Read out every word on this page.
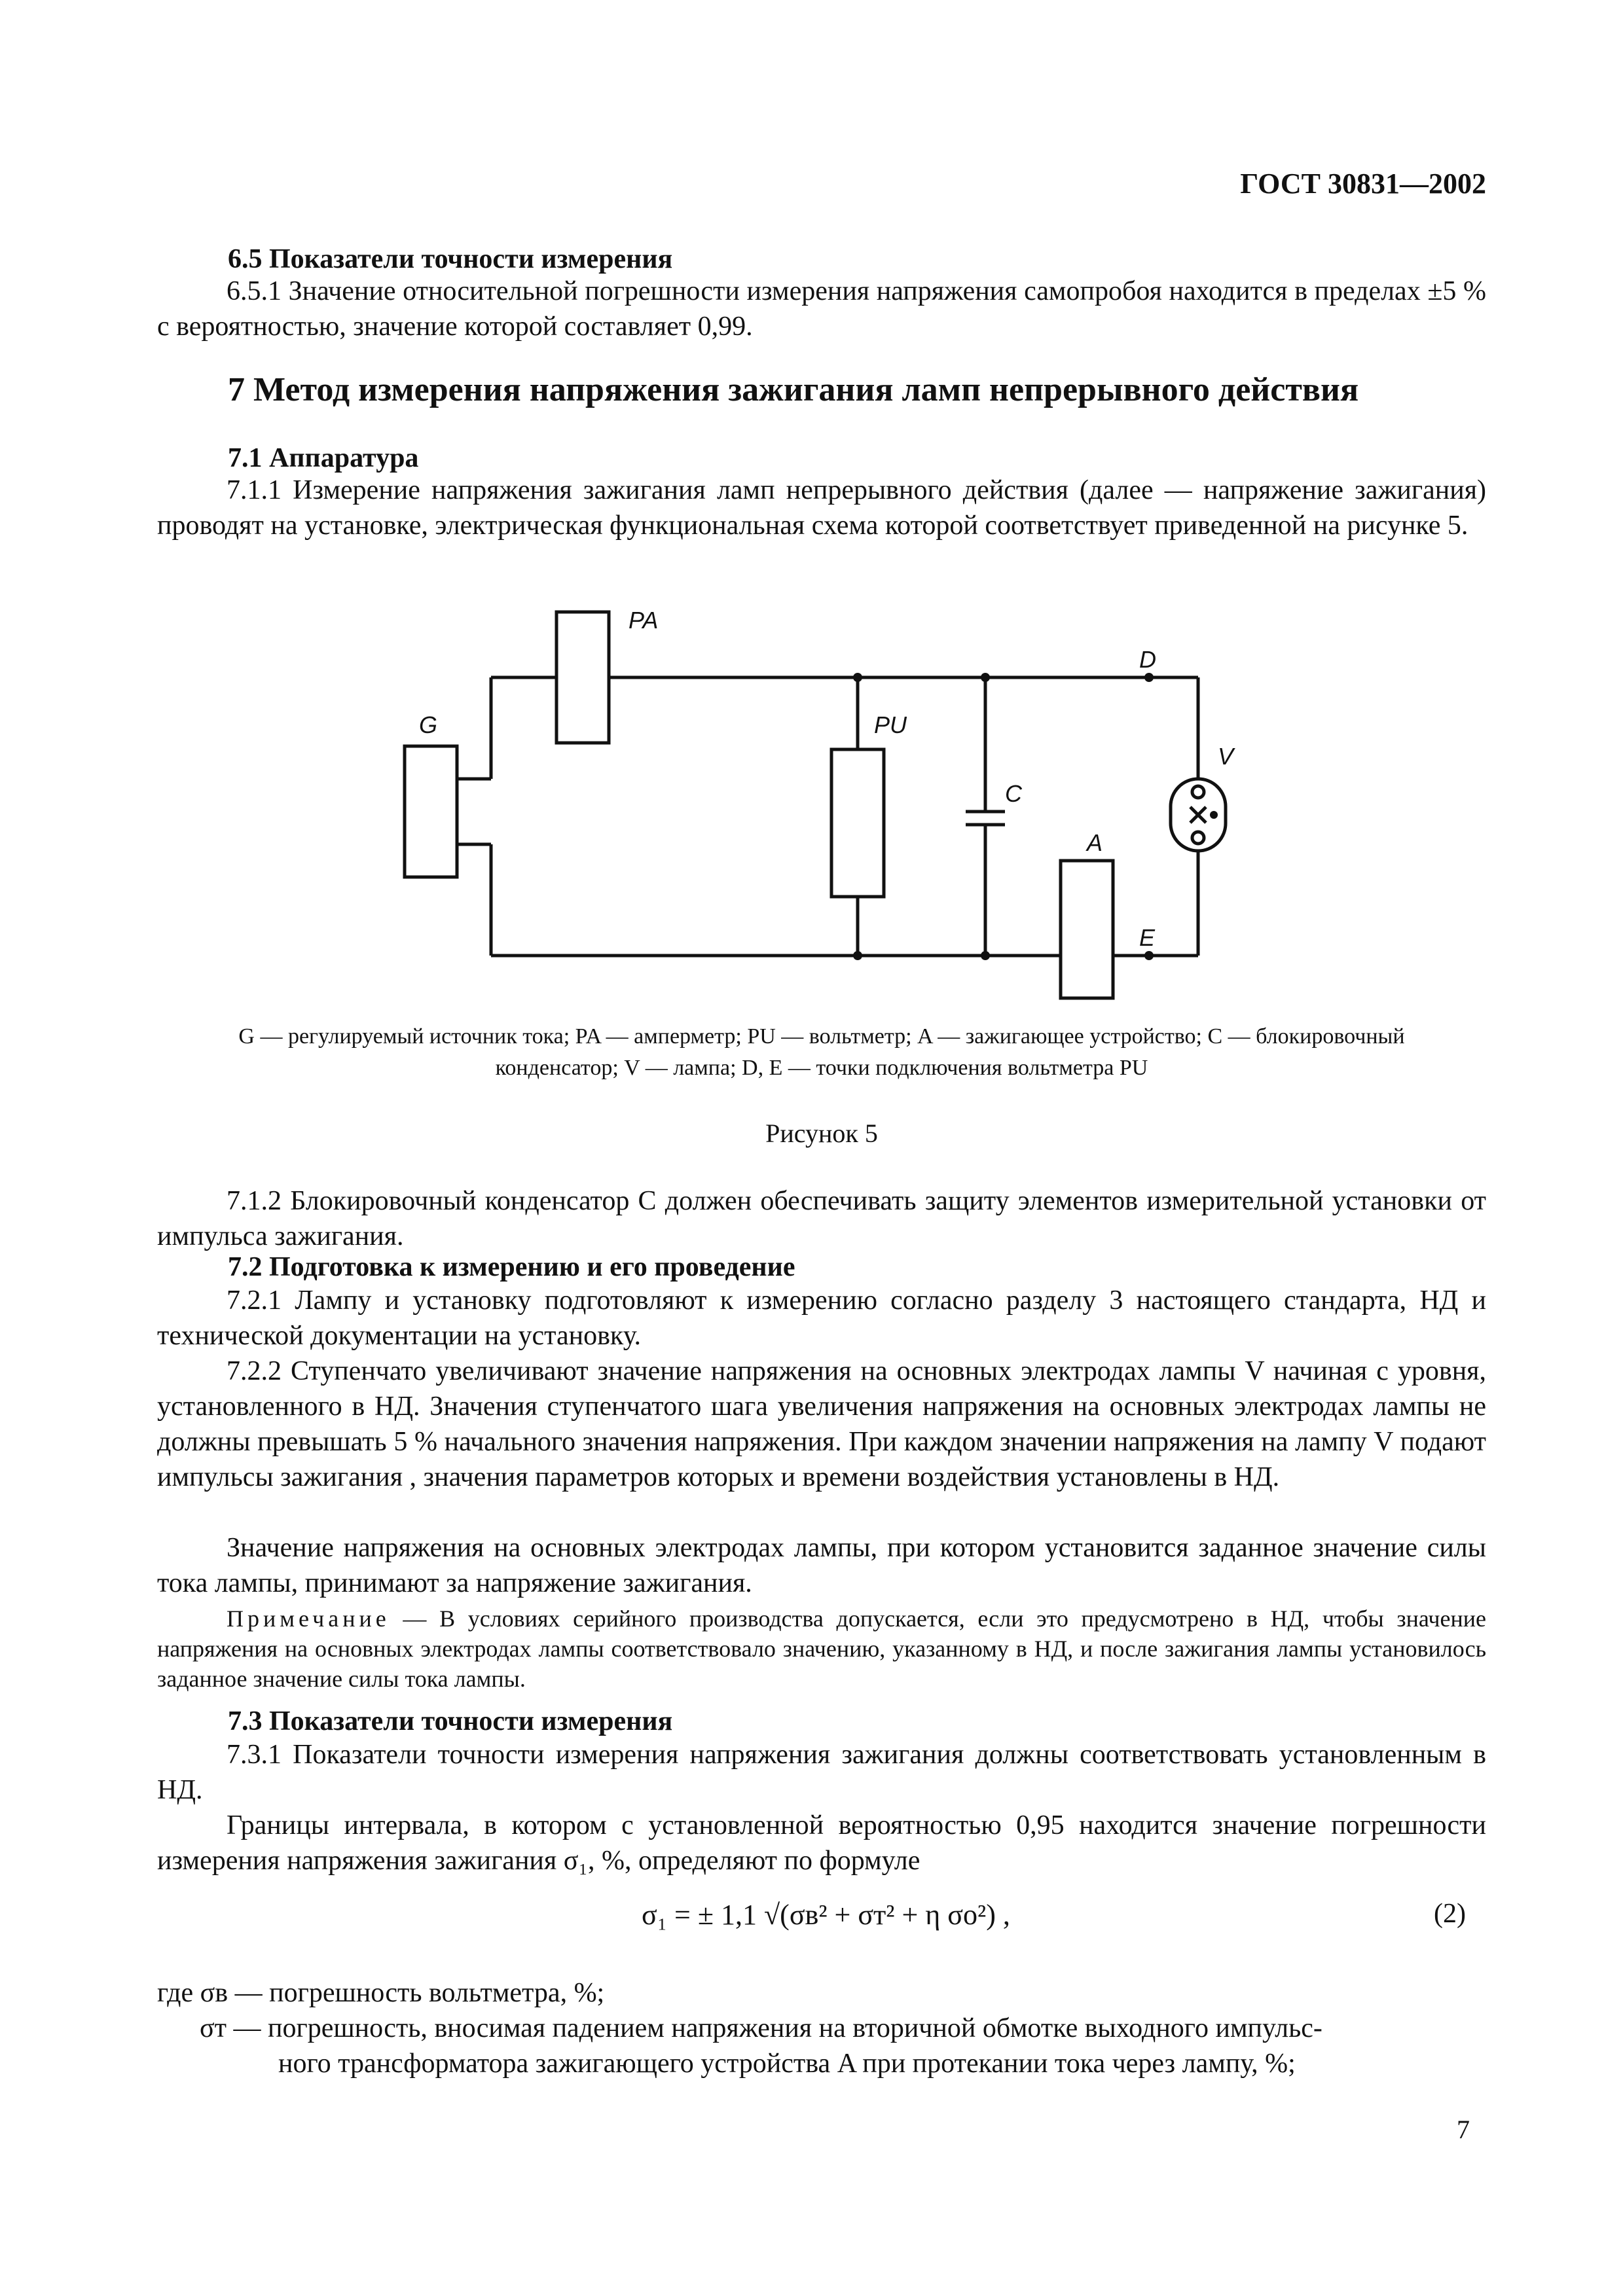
ГОСТ 30831—2002
6.5 Показатели точности измерения
6.5.1 Значение относительной погрешности измерения напряжения самопробоя находится в пределах ±5 % с вероятностью, значение которой составляет 0,99.
7 Метод измерения напряжения зажигания ламп непрерывного действия
7.1 Аппаратура
7.1.1 Измерение напряжения зажигания ламп непрерывного действия (далее — напряжение зажигания) проводят на установке, электрическая функциональная схема которой соответствует приведенной на рисунке 5.
PA
G	PU
C
A
D
E
V
G — регулируемый источник тока; PA — амперметр; PU — вольтметр; A — зажигающее устройство; C — блокировочный
конденсатор; V — лампа; D, E — точки подключения вольтметра PU
Рисунок 5
7.1.2 Блокировочный конденсатор C должен обеспечивать защиту элементов измерительной установки от импульса зажигания.
7.2 Подготовка к измерению и его проведение
7.2.1 Лампу и установку подготовляют к измерению согласно разделу 3 настоящего стандарта, НД и технической документации на установку.
7.2.2 Ступенчато увеличивают значение напряжения на основных электродах лампы V начиная с уровня, установленного в НД. Значения ступенчатого шага увеличения напряжения на основных электродах лампы не должны превышать 5 % начального значения напряжения. При каждом значении напряжения на лампу V подают импульсы зажигания , значения параметров которых и времени воздействия установлены в НД.
Значение напряжения на основных электродах лампы, при котором установится заданное значение силы тока лампы, принимают за напряжение зажигания.
Примечание — В условиях серийного производства допускается, если это предусмотрено в НД, чтобы значение напряжения на основных электродах лампы соответствовало значению, указанному в НД, и после зажигания лампы установилось заданное значение силы тока лампы.
7.3 Показатели точности измерения
7.3.1 Показатели точности измерения напряжения зажигания должны соответствовать установленным в НД.
Границы интервала, в котором с установленной вероятностью 0,95 находится значение погрешности измерения напряжения зажигания σ₁, %, определяют по формуле
σ₁ = ± 1,1 √(σв² + σт² + η σо²) ,	(2)
где σв — погрешность вольтметра, %;
σт — погрешность, вносимая падением напряжения на вторичной обмотке выходного импульс-
ного трансформатора зажигающего устройства A при протекании тока через лампу, %;
7
